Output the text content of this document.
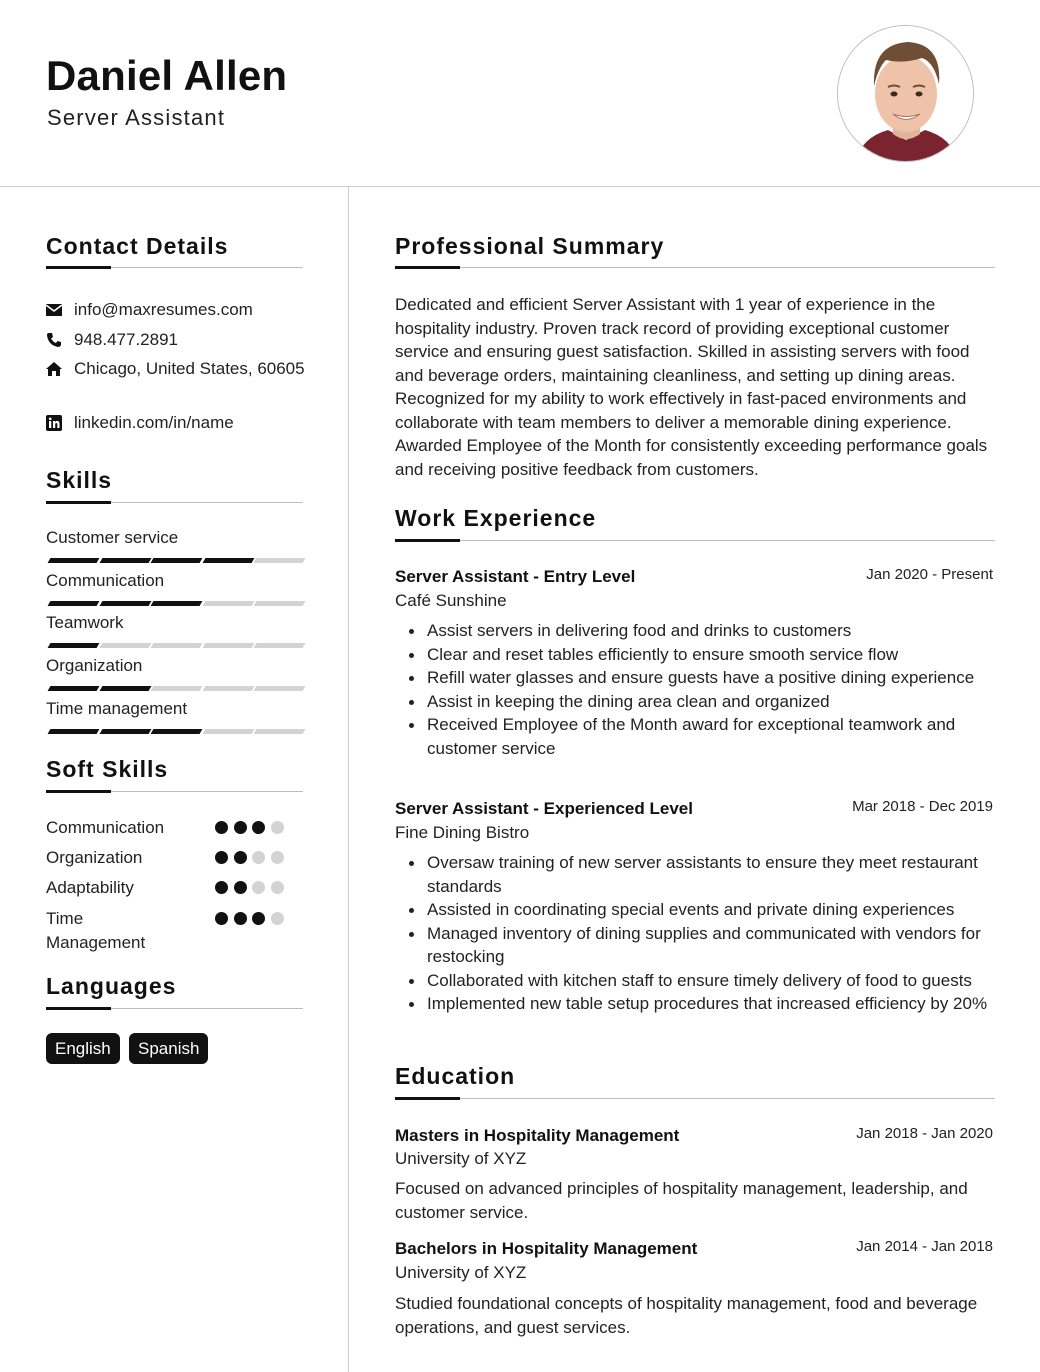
Daniel Allen
Server Assistant
Contact Details
info@maxresumes.com
948.477.2891
Chicago, United States, 60605
linkedin.com/in/name
Skills
Customer service
Communication
Teamwork
Organization
Time management
Soft Skills
Communication
Organization
Adaptability
Time Management
Languages
English	Spanish
Professional Summary
Dedicated and efficient Server Assistant with 1 year of experience in the hospitality industry. Proven track record of providing exceptional customer service and ensuring guest satisfaction. Skilled in assisting servers with food and beverage orders, maintaining cleanliness, and setting up dining areas. Recognized for my ability to work effectively in fast-paced environments and collaborate with team members to deliver a memorable dining experience. Awarded Employee of the Month for consistently exceeding performance goals and receiving positive feedback from customers.
Work Experience
Server Assistant - Entry Level	Jan 2020 - Present
Café Sunshine
Assist servers in delivering food and drinks to customers
Clear and reset tables efficiently to ensure smooth service flow
Refill water glasses and ensure guests have a positive dining experience
Assist in keeping the dining area clean and organized
Received Employee of the Month award for exceptional teamwork and customer service
Server Assistant - Experienced Level	Mar 2018 - Dec 2019
Fine Dining Bistro
Oversaw training of new server assistants to ensure they meet restaurant standards
Assisted in coordinating special events and private dining experiences
Managed inventory of dining supplies and communicated with vendors for restocking
Collaborated with kitchen staff to ensure timely delivery of food to guests
Implemented new table setup procedures that increased efficiency by 20%
Education
Masters in Hospitality Management	Jan 2018 - Jan 2020
University of XYZ
Focused on advanced principles of hospitality management, leadership, and customer service.
Bachelors in Hospitality Management	Jan 2014 - Jan 2018
University of XYZ
Studied foundational concepts of hospitality management, food and beverage operations, and guest services.
